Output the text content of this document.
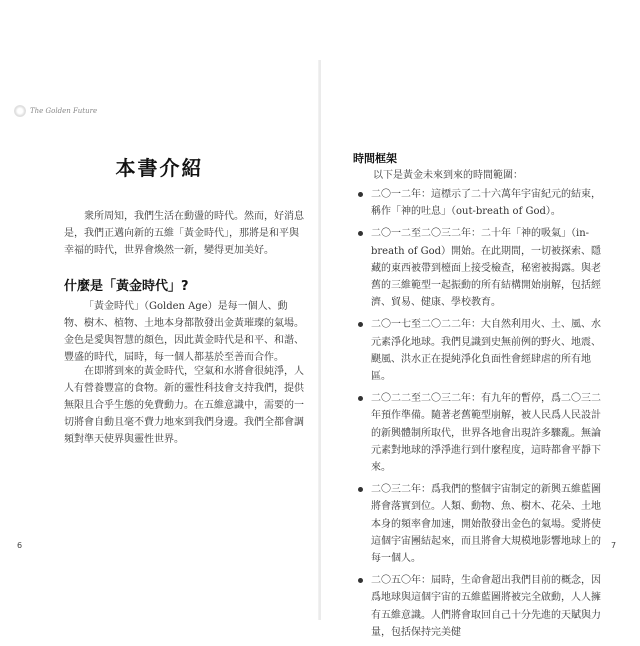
The Golden Future
本書介紹

衆所周知，我們生活在動盪的時代。然而，好消息是，我們正邁向新的五維「黃金時代」，那將是和平與幸福的時代，世界會煥然一新，變得更加美好。

什麼是「黃金時代」?

「黃金時代」（Golden Age）是每一個人、動物、樹木、植物、土地本身都散發出金黃璀璨的氣場。金色是愛與智慧的顏色，因此黃金時代是和平、和諧、豐盛的時代，屆時，每一個人都基於至善而合作。

在即將到來的黃金時代，空氣和水將會很純淨，人人有營養豐富的食物。新的靈性科技會支持我們，提供無限且合乎生態的免費動力。在五維意識中，需要的一切將會自動且毫不費力地來到我們身邊。我們全都會調頻對準天使界與靈性世界。

6
時間框架

以下是黃金未來到來的時間範圍：

二〇一二年：這標示了二十六萬年宇宙紀元的結束，稱作「神的吐息」（out-breath of God）。
二〇一二至二〇三二年：二十年「神的吸氣」（in-breath of God）開始。在此期間，一切被探索、隱藏的東西被帶到檯面上接受檢查，秘密被揭露。與老舊的三維範型一起振動的所有結構開始崩解，包括經濟、貿易、健康、學校教育。
二〇一七至二〇二二年：大自然利用火、土、風、水元素淨化地球。我們見識到史無前例的野火、地震、颶風、洪水正在提純淨化負面性會經肆虐的所有地區。
二〇二二至二〇三二年：有九年的暫停，爲二〇三二年預作準備。隨著老舊範型崩解，被人民爲人民設計的新興體制所取代，世界各地會出現許多驟亂。無論元素對地球的淨淨進行到什麼程度，這時都會平靜下來。
二〇三二年：爲我們的整個宇宙制定的新興五維藍圖將會落實到位。人類、動物、魚、樹木、花朵、土地本身的頻率會加速，開始散發出金色的氣場。愛將使這個宇宙團結起來，而且將會大規模地影響地球上的每一個人。
二〇五〇年：屆時，生命會超出我們目前的概念，因爲地球與這個宇宙的五維藍圖將被完全啟動，人人擁有五維意識。人們將會取回自己十分先進的天賦與力量，包括保持完美健
7
